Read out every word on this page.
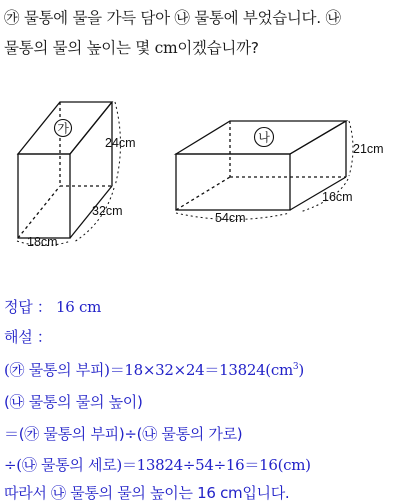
㉮ 물통에 물을 가득 담아 ㉯ 물통에 부었습니다. ㉯
물통의 물의 높이는 몇 cm이겠습니까?
가
24cm
32cm
18cm
나
21cm
16cm
54cm
정답 ： 16 cm
해설 ：
(㉮ 물통의 부피)$=18\times 32\times 24=13824(cm^3)$
(㉯ 물통의 물의 높이)
＝(㉮ 물통의 부피)÷(㉯ 물통의 가로)
÷(㉯ 물통의 세로)＝13824÷54÷16＝16(cm)
따라서 ㉯ 물통의 물의 높이는 16 cm입니다.
